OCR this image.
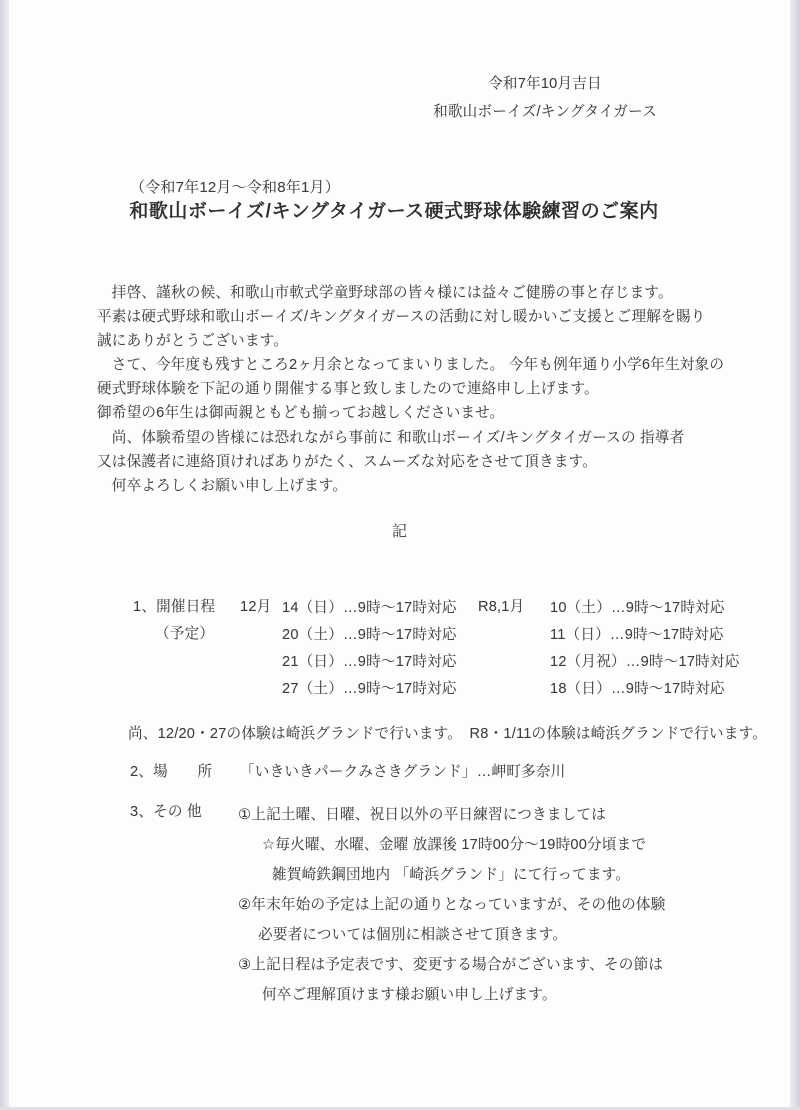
令和7年10月吉日
和歌山ボーイズ/キングタイガース
（令和7年12月～令和8年1月）
和歌山ボーイズ/キングタイガース硬式野球体験練習のご案内
　拝啓、謹秋の候、和歌山市軟式学童野球部の皆々様には益々ご健勝の事と存じます。
平素は硬式野球和歌山ボーイズ/キングタイガースの活動に対し暖かいご支援とご理解を賜り
誠にありがとうございます。
　さて、今年度も残すところ2ヶ月余となってまいりました。 今年も例年通り小学6年生対象の
硬式野球体験を下記の通り開催する事と致しましたので連絡申し上げます。
御希望の6年生は御両親ともども揃ってお越しくださいませ。
　尚、体験希望の皆様には恐れながら事前に 和歌山ボーイズ/キングタイガースの 指導者
又は保護者に連絡頂ければありがたく、スムーズな対応をさせて頂きます。
　何卒よろしくお願い申し上げます。
記
1、開催日程
（予定）
12月 14（日）…9時～17時対応
20（土）…9時～17時対応
21（日）…9時～17時対応
27（土）…9時～17時対応
R8,1月 10（土）…9時～17時対応
11（日）…9時～17時対応
12（月祝）…9時～17時対応
18（日）…9時～17時対応
尚、12/20・27の体験は崎浜グランドで行います。　R8・1/11の体験は崎浜グランドで行います。
2、場　　所 「いきいきパークみさきグランド」…岬町多奈川
3、その 他 ①上記土曜、日曜、祝日以外の平日練習につきましては
☆毎火曜、水曜、金曜 放課後 17時00分～19時00分頃まで
雑賀崎鉄鋼団地内 「崎浜グランド」にて行ってます。
②年末年始の予定は上記の通りとなっていますが、その他の体験
必要者については個別に相談させて頂きます。
③上記日程は予定表です、変更する場合がございます、その節は
何卒ご理解頂けます様お願い申し上げます。
